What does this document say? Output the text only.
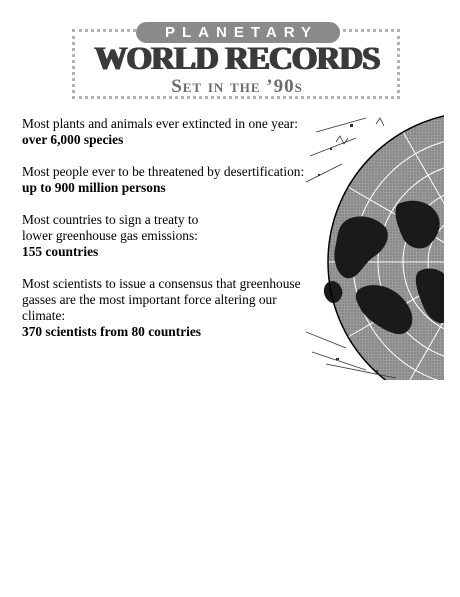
PLANETARY
WORLD RECORDS
Set in the ’90s
Most plants and animals ever extincted in one year:
over 6,000 species
Most people ever to be threatened by desertification:
up to 900 million persons
Most countries to sign a treaty to
lower greenhouse gas emissions:
155 countries
Most scientists to issue a consensus that greenhouse
gasses are the most important force altering our climate:
370 scientists from 80 countries
